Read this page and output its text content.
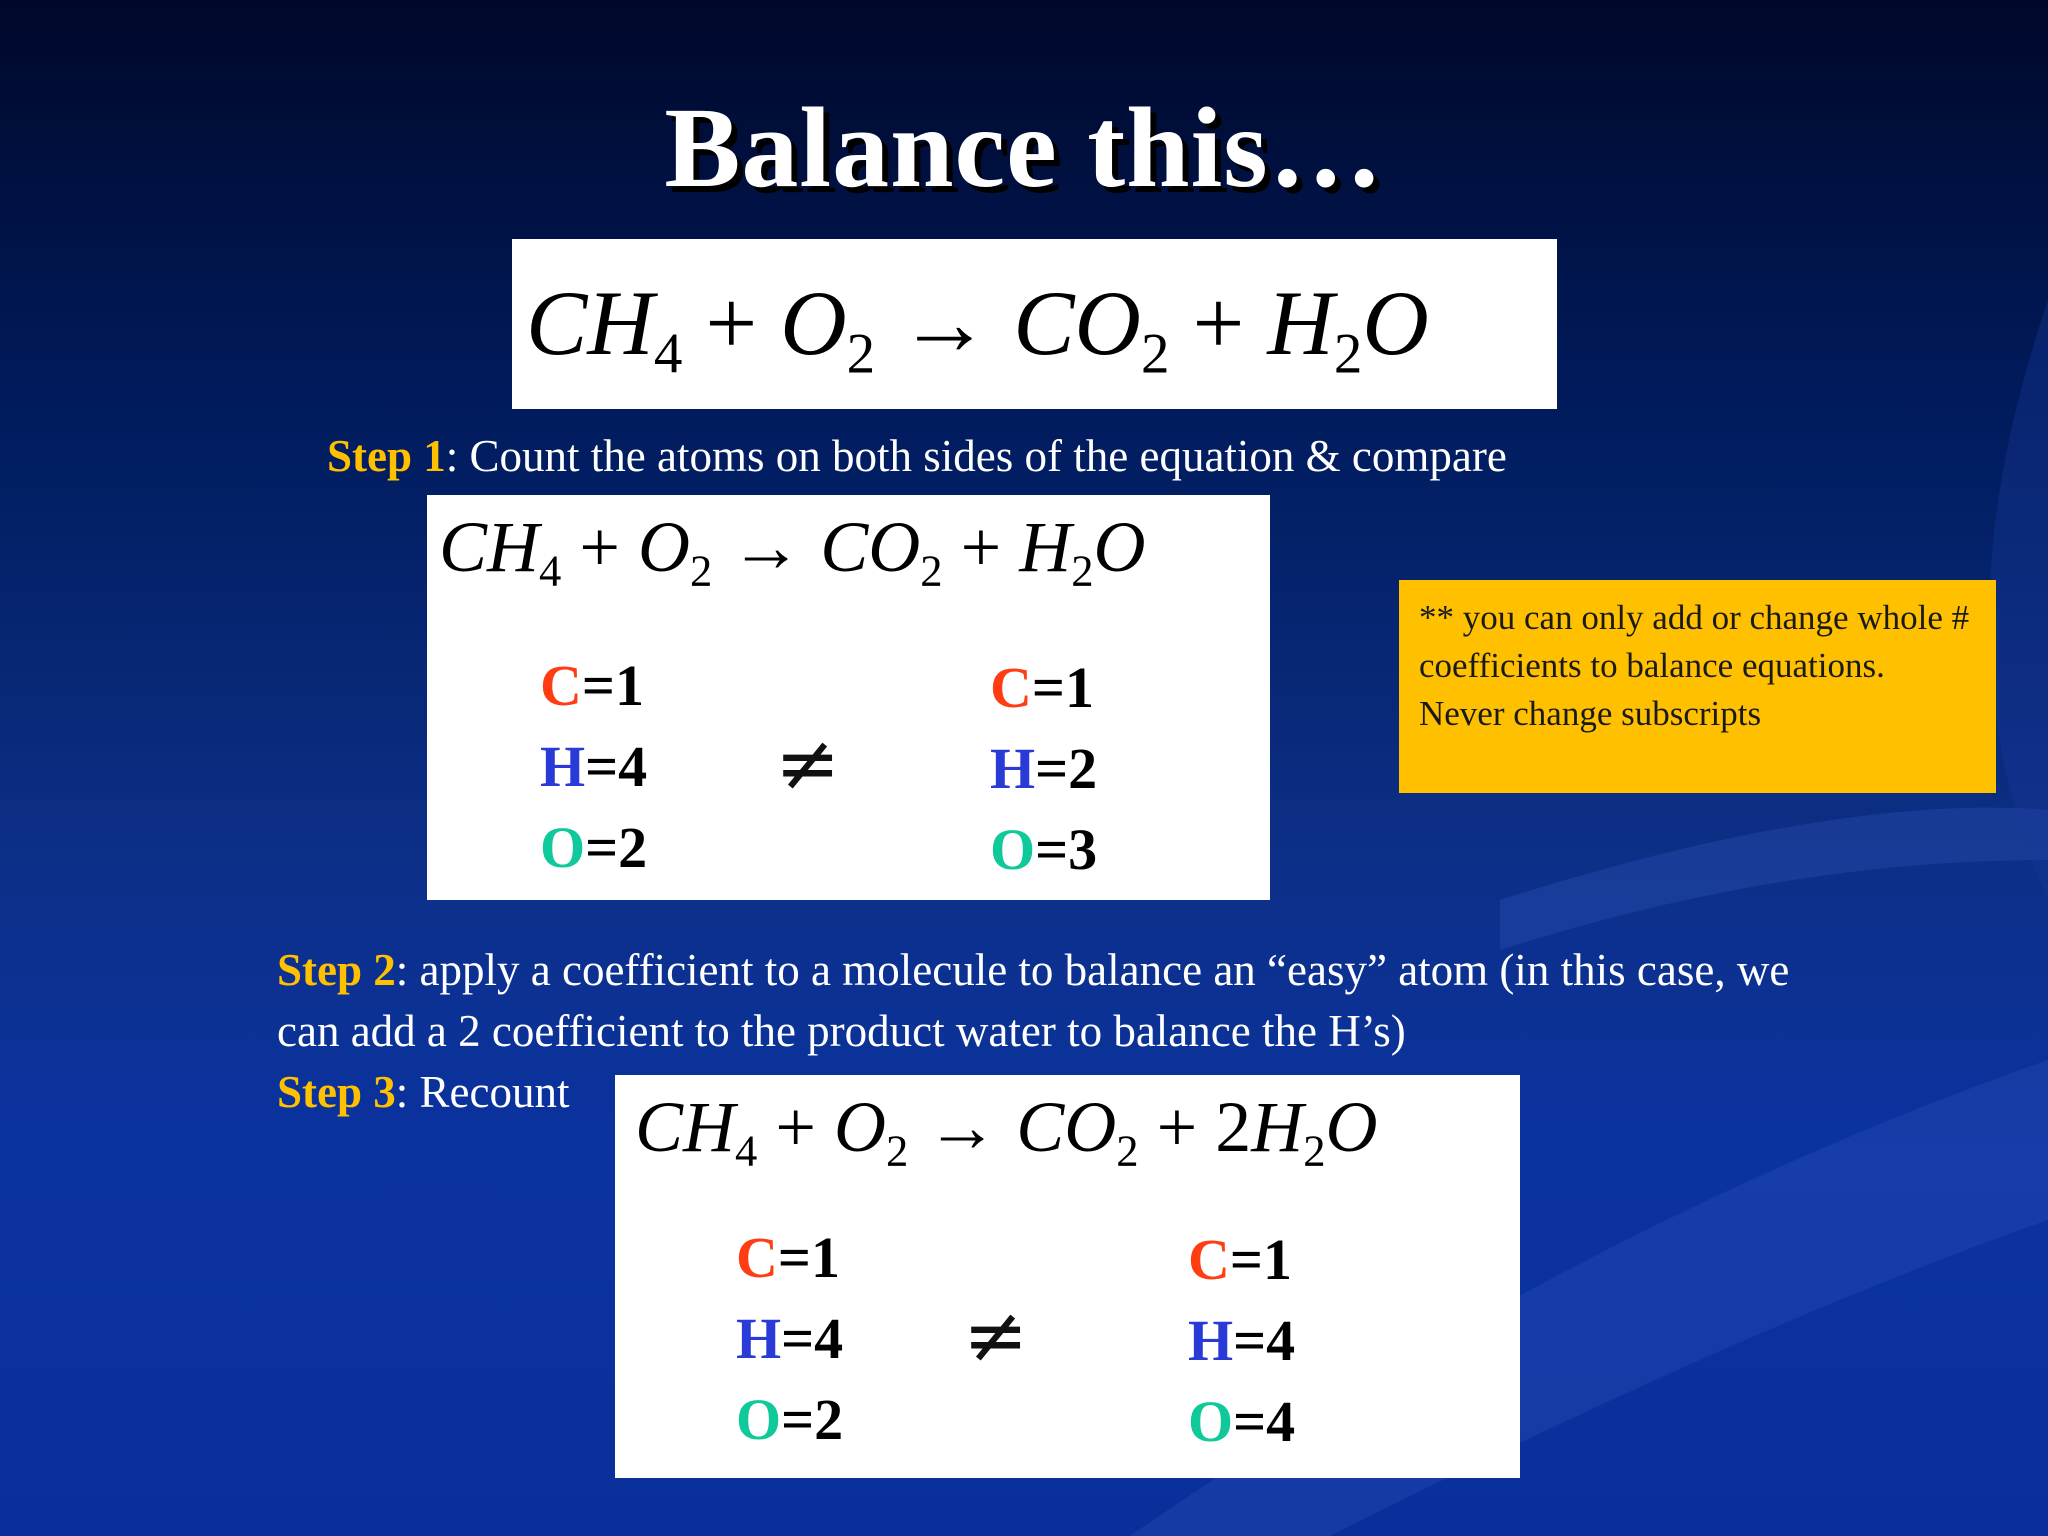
Balance this…
$CH_4 + O_2 \to CO_2 + H_2O$

Step 1: Count the atoms on both sides of the equation & compare

$CH_4 + O_2 \to CO_2 + H_2O$
C=1
H=4
O=2
≠
C=1
H=2
O=3
** you can only add or change whole # coefficients to balance equations. Never change subscripts

Step 2: apply a coefficient to a molecule to balance an “easy” atom (in this case, we can add a 2 coefficient to the product water to balance the H’s)

Step 3: Recount $CH_4 + O_2 \to CO_2 + 2H_2O$
C=1
H=4
O=2
≠
C=1
H=4
O=4
